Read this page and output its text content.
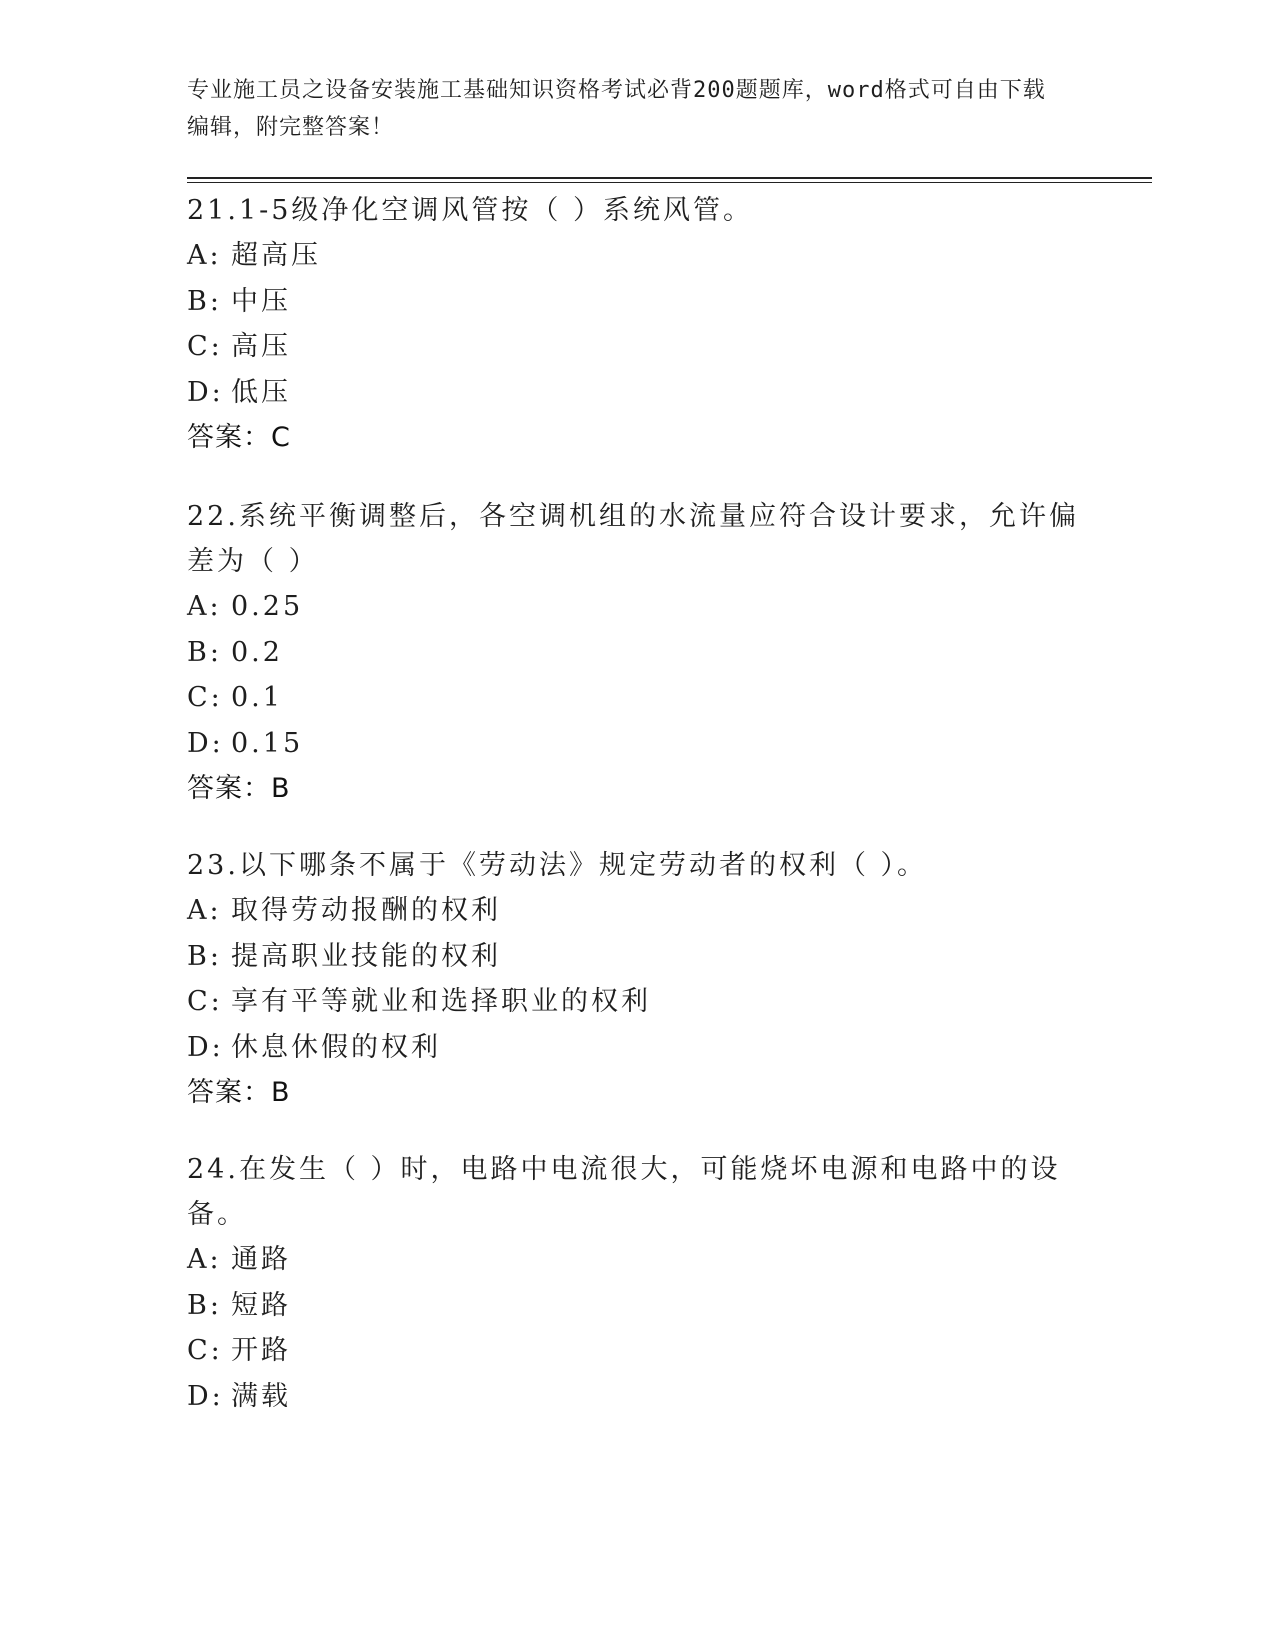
专业施工员之设备安装施工基础知识资格考试必背200题题库，word格式可自由下载编辑，附完整答案！

21.1-5级净化空调风管按（ ）系统风管。

A: 超高压

B: 中压

C: 高压

D: 低压

答案：C

22.系统平衡调整后，各空调机组的水流量应符合设计要求，允许偏差为（ ）

A: 0.25

B: 0.2

C: 0.1

D: 0.15

答案：B

23.以下哪条不属于《劳动法》规定劳动者的权利（ ）。

A: 取得劳动报酬的权利

B: 提高职业技能的权利

C: 享有平等就业和选择职业的权利

D: 休息休假的权利

答案：B

24.在发生（ ）时，电路中电流很大，可能烧坏电源和电路中的设备。

A: 通路

B: 短路

C: 开路

D: 满载
